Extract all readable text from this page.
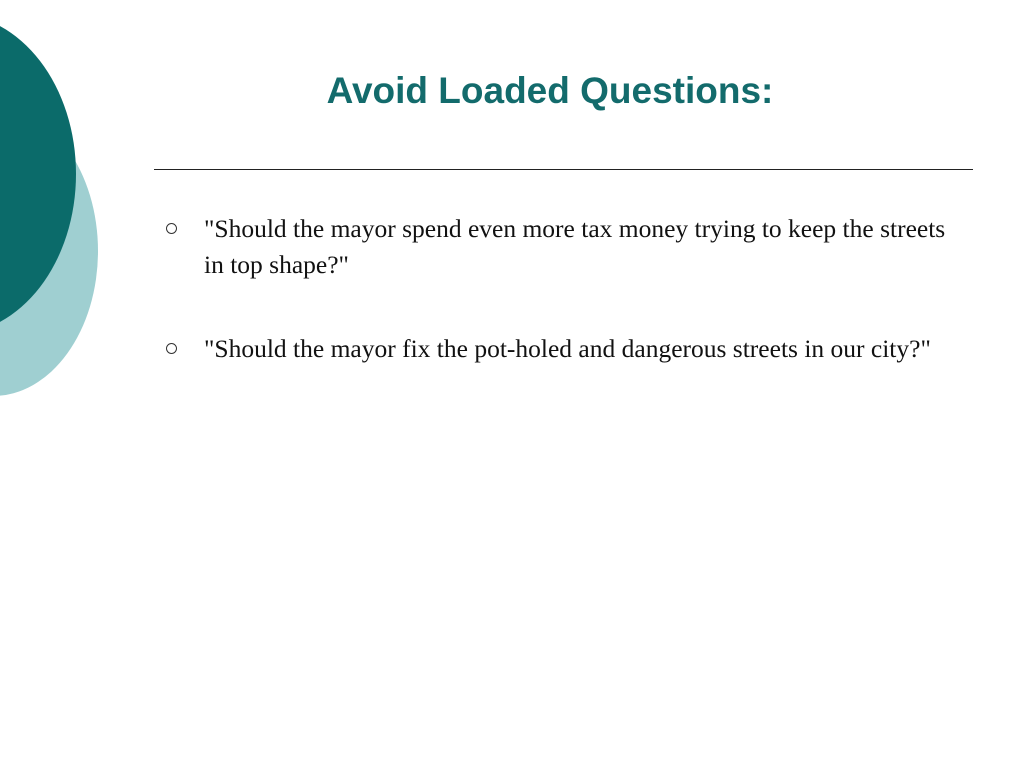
Avoid Loaded Questions:
"Should the mayor spend even more tax money trying to keep the streets in top shape?"
"Should the mayor fix the pot-holed and dangerous streets in our city?"
